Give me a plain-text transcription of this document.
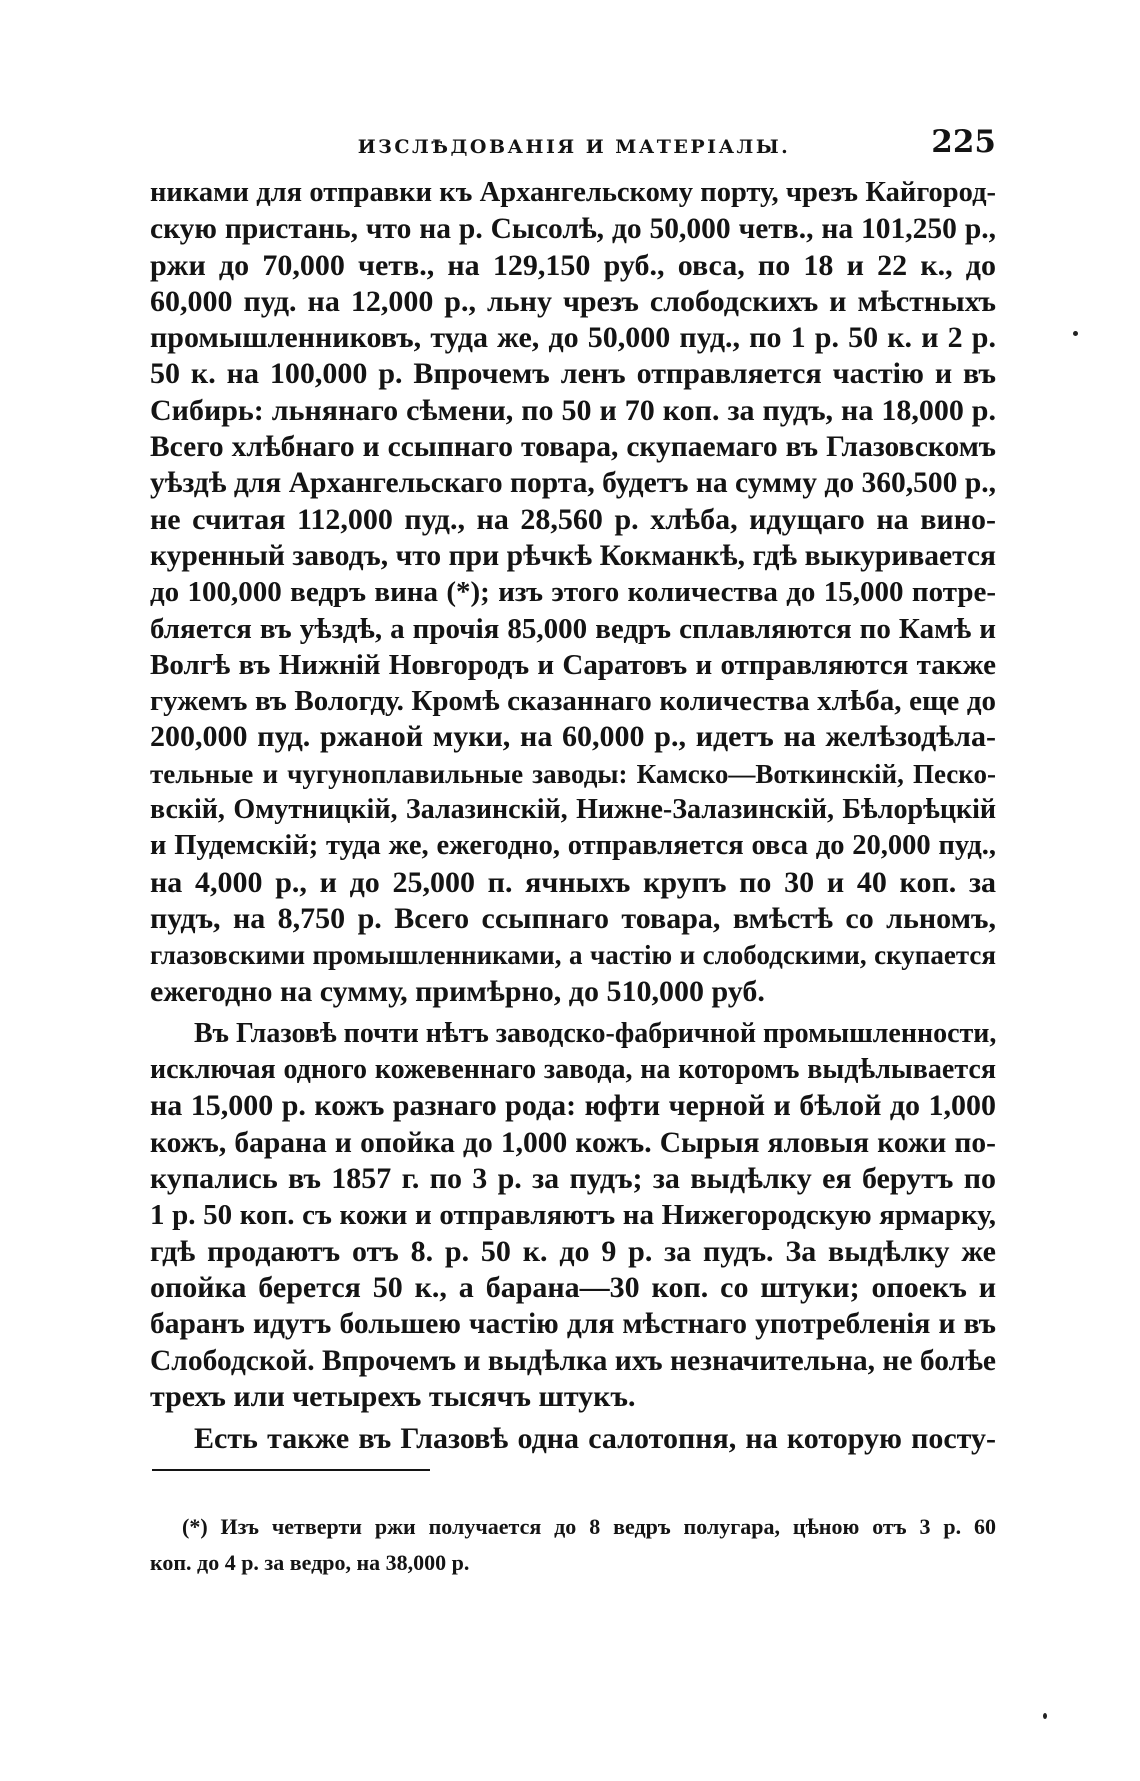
ИЗСЛѢДОВАНІЯ И МАТЕРІАЛЫ.	225
никами для отправки къ Архангельскому порту, чрезъ Кайгород-
скую пристань, что на р. Сысолѣ, до 50,000 четв., на 101,250 р.,
ржи до 70,000 четв., на 129,150 руб., овса, по 18 и 22 к., до
60,000 пуд. на 12,000 р., льну чрезъ слободскихъ и мѣстныхъ
промышленниковъ, туда же, до 50,000 пуд., по 1 р. 50 к. и 2 р.
50 к. на 100,000 р. Впрочемъ ленъ отправляется частію и въ
Сибирь: льнянаго сѣмени, по 50 и 70 коп. за пудъ, на 18,000 р.
Всего хлѣбнаго и ссыпнаго товара, скупаемаго въ Глазовскомъ
уѣздѣ для Архангельскаго порта, будетъ на сумму до 360,500 р.,
не считая 112,000 пуд., на 28,560 р. хлѣба, идущаго на вино-
куренный заводъ, что при рѣчкѣ Кокманкѣ, гдѣ выкуривается
до 100,000 ведръ вина (*); изъ этого количества до 15,000 потре-
бляется въ уѣздѣ, а прочія 85,000 ведръ сплавляются по Камѣ и
Волгѣ въ Нижній Новгородъ и Саратовъ и отправляются также
гужемъ въ Вологду. Кромѣ сказаннаго количества хлѣба, еще до
200,000 пуд. ржаной муки, на 60,000 р., идетъ на желѣзодѣла-
тельные и чугуноплавильные заводы: Камско—Воткинскій, Песко-
вскій, Омутницкій, Залазинскій, Нижне-Залазинскій, Бѣлорѣцкій
и Пудемскій; туда же, ежегодно, отправляется овса до 20,000 пуд.,
на 4,000 р., и до 25,000 п. ячныхъ крупъ по 30 и 40 коп. за
пудъ, на 8,750 р. Всего ссыпнаго товара, вмѣстѣ со льномъ,
глазовскими промышленниками, а частію и слободскими, скупается
ежегодно на сумму, примѣрно, до 510,000 руб.
Въ Глазовѣ почти нѣтъ заводско-фабричной промышленности,
исключая одного кожевеннаго завода, на которомъ выдѣлывается
на 15,000 р. кожъ разнаго рода: юфти черной и бѣлой до 1,000
кожъ, барана и опойка до 1,000 кожъ. Сырыя яловыя кожи по-
купались въ 1857 г. по 3 р. за пудъ; за выдѣлку ея берутъ по
1 р. 50 коп. съ кожи и отправляютъ на Нижегородскую ярмарку,
гдѣ продаютъ отъ 8. р. 50 к. до 9 р. за пудъ. За выдѣлку же
опойка берется 50 к., а барана—30 коп. со штуки; опоекъ и
баранъ идутъ большею частію для мѣстнаго употребленія и въ
Слободской. Впрочемъ и выдѣлка ихъ незначительна, не болѣе
трехъ или четырехъ тысячъ штукъ.
Есть также въ Глазовѣ одна салотопня, на которую посту-
(*) Изъ четверти ржи получается до 8 ведръ полугара, цѣною отъ 3 р. 60
коп. до 4 р. за ведро, на 38,000 р.
